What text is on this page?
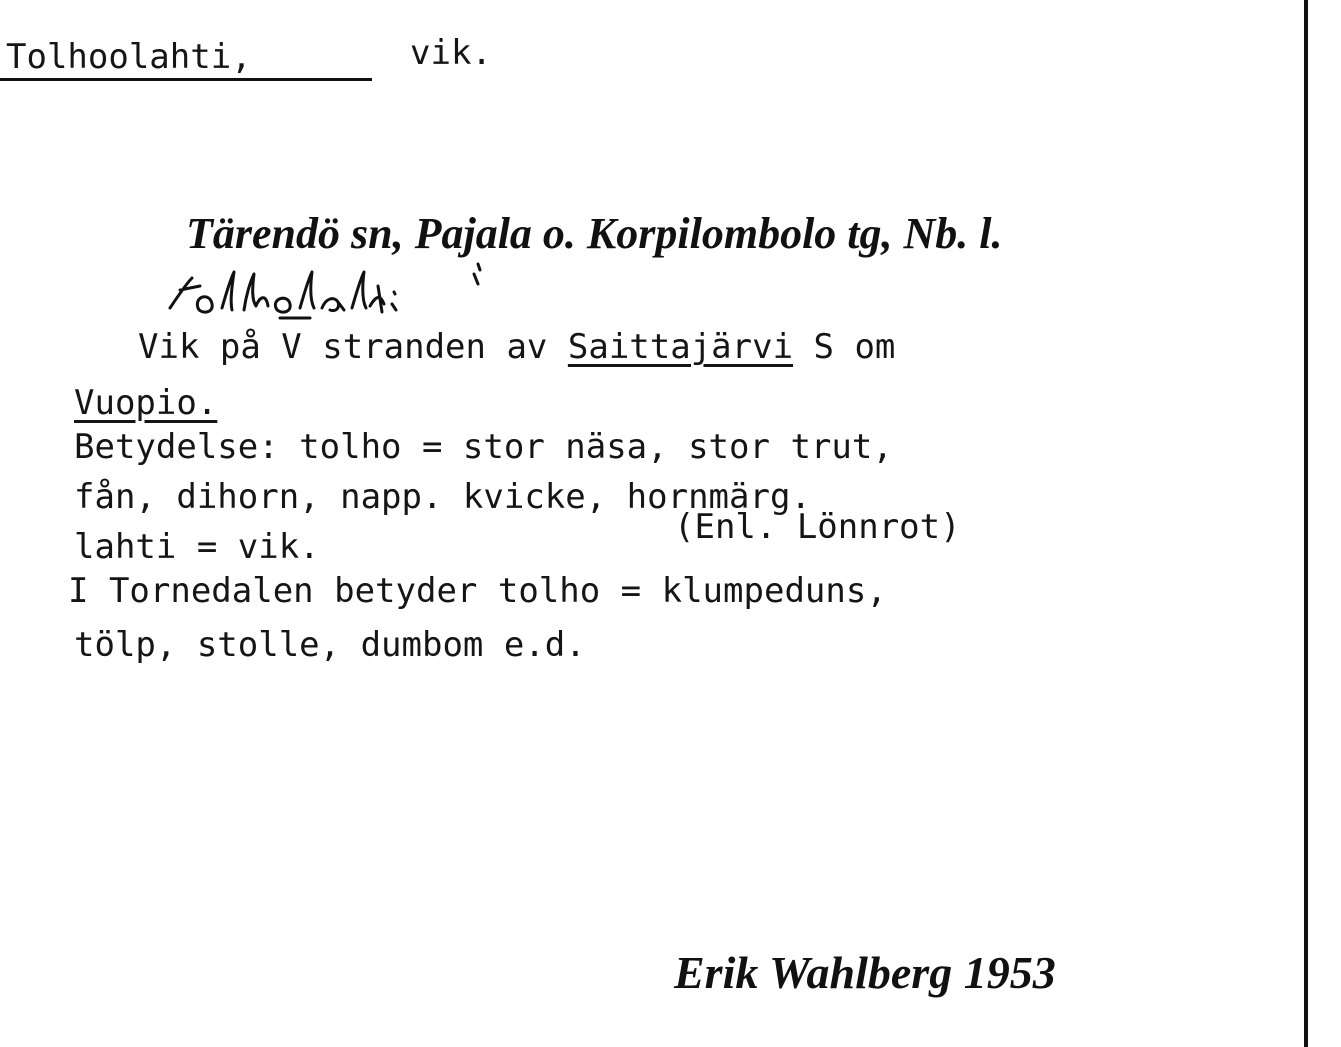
Tolhoolahti,	vik.
Tärendö sn, Pajala o. Korpilombolo tg, Nb. l.
Vik på V stranden av Saittajärvi S om
Vuopio.
Betydelse: tolho = stor näsa, stor trut,
fån, dihorn, napp. kvicke, hornmärg.
(Enl. Lönnrot)
lahti = vik.
I Tornedalen betyder tolho = klumpeduns,
tölp, stolle, dumbom e.d.
Erik Wahlberg 1953
